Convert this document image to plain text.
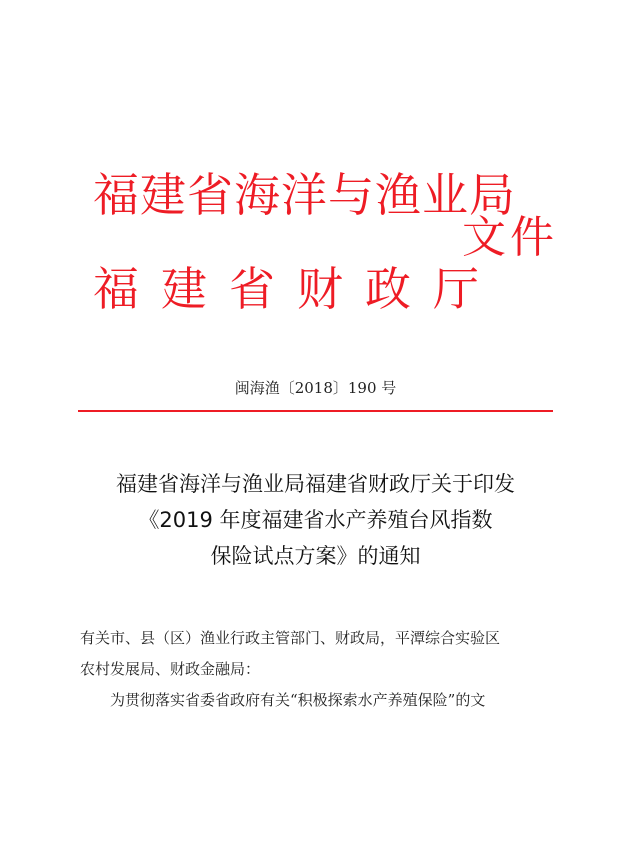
福建省海洋与渔业局
福建省财政厅
文件
闽海渔〔2018〕190 号
福建省海洋与渔业局福建省财政厅关于印发
《2019 年度福建省水产养殖台风指数
保险试点方案》的通知

有关市、县（区）渔业行政主管部门、财政局，平潭综合实验区

农村发展局、财政金融局：

为贯彻落实省委省政府有关“积极探索水产养殖保险”的文
